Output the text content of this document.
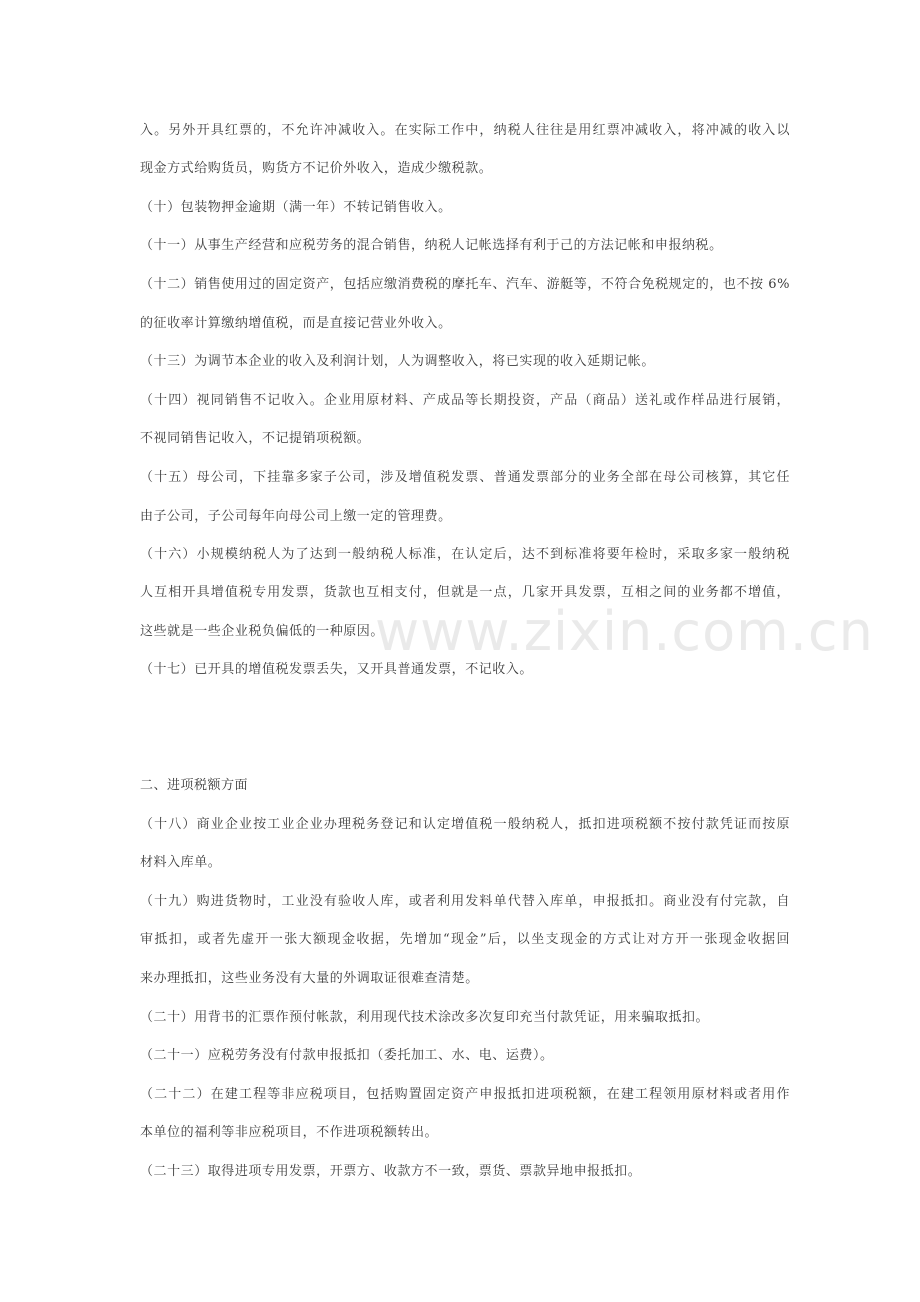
www.zixin.com.cn
入。另外开具红票的，不允许冲减收入。在实际工作中，纳税人往往是用红票冲减收入，将冲减的收入以
现金方式给购货员，购货方不记价外收入，造成少缴税款。
（十）包装物押金逾期（满一年）不转记销售收入。
（十一）从事生产经营和应税劳务的混合销售，纳税人记帐选择有利于己的方法记帐和申报纳税。
（十二）销售使用过的固定资产，包括应缴消费税的摩托车、汽车、游艇等，不符合免税规定的，也不按 6%
的征收率计算缴纳增值税，而是直接记营业外收入。
（十三）为调节本企业的收入及利润计划，人为调整收入，将已实现的收入延期记帐。
（十四）视同销售不记收入。企业用原材料、产成品等长期投资，产品（商品）送礼或作样品进行展销，
不视同销售记收入，不记提销项税额。
（十五）母公司，下挂靠多家子公司，涉及增值税发票、普通发票部分的业务全部在母公司核算，其它任
由子公司，子公司每年向母公司上缴一定的管理费。
（十六）小规模纳税人为了达到一般纳税人标准，在认定后，达不到标准将要年检时，采取多家一般纳税
人互相开具增值税专用发票，货款也互相支付，但就是一点，几家开具发票，互相之间的业务都不增值，
这些就是一些企业税负偏低的一种原因。
（十七）已开具的增值税发票丢失，又开具普通发票，不记收入。
二、进项税额方面
（十八）商业企业按工业企业办理税务登记和认定增值税一般纳税人，抵扣进项税额不按付款凭证而按原
材料入库单。
（十九）购进货物时，工业没有验收人库，或者利用发料单代替入库单，申报抵扣。商业没有付完款，自
审抵扣，或者先虚开一张大额现金收据，先增加“现金”后，以坐支现金的方式让对方开一张现金收据回
来办理抵扣，这些业务没有大量的外调取证很难查清楚。
（二十）用背书的汇票作预付帐款，利用现代技术涂改多次复印充当付款凭证，用来骗取抵扣。
（二十一）应税劳务没有付款申报抵扣（委托加工、水、电、运费）。
（二十二）在建工程等非应税项目，包括购置固定资产申报抵扣进项税额，在建工程领用原材料或者用作
本单位的福利等非应税项目，不作进项税额转出。
（二十三）取得进项专用发票，开票方、收款方不一致，票货、票款异地申报抵扣。
